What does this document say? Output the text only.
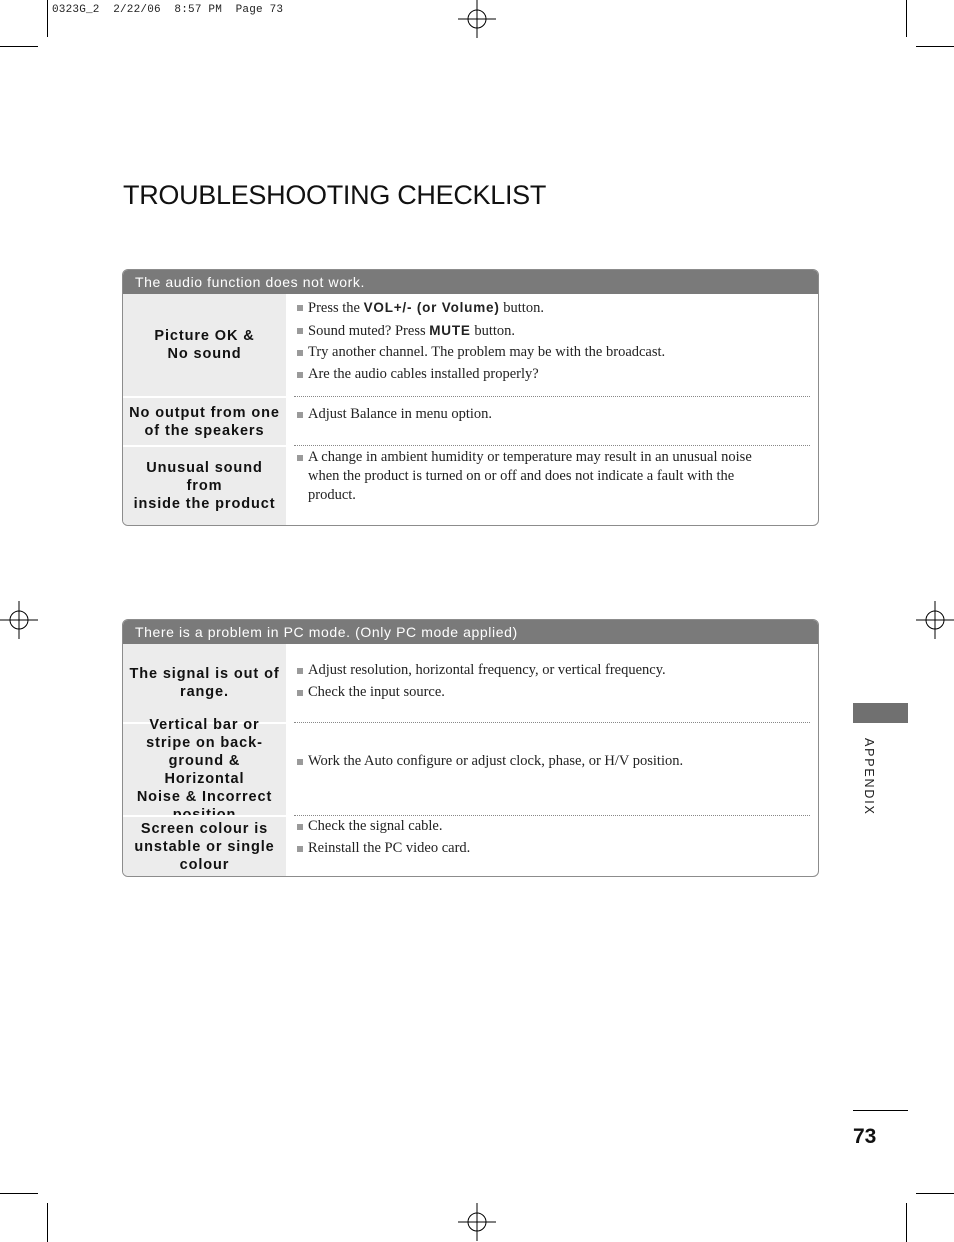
0323G_2  2/22/06  8:57 PM  Page 73
TROUBLESHOOTING CHECKLIST
The audio function does not work.
Picture OK &
No sound
Press the VOL+/- (or Volume) button.
Sound muted? Press MUTE button.
Try another channel. The problem may be with the broadcast.
Are the audio cables installed properly?
No output from one
of the speakers
Adjust Balance in menu option.
Unusual sound from
inside the product
A change in ambient humidity or temperature may result in an unusual noise when the product is turned on or off and does not indicate a fault with the product.
There is a problem in PC mode. (Only PC mode applied)
The signal is out of
range.
Adjust resolution, horizontal frequency, or vertical frequency.
Check the input source.
Vertical bar or
stripe on back-
ground & Horizontal
Noise & Incorrect
Work the Auto configure or adjust clock, phase, or H/V position.
Screen colour is
unstable or single
colour
Check the signal cable.
Reinstall the PC video card.
APPENDIX
73
